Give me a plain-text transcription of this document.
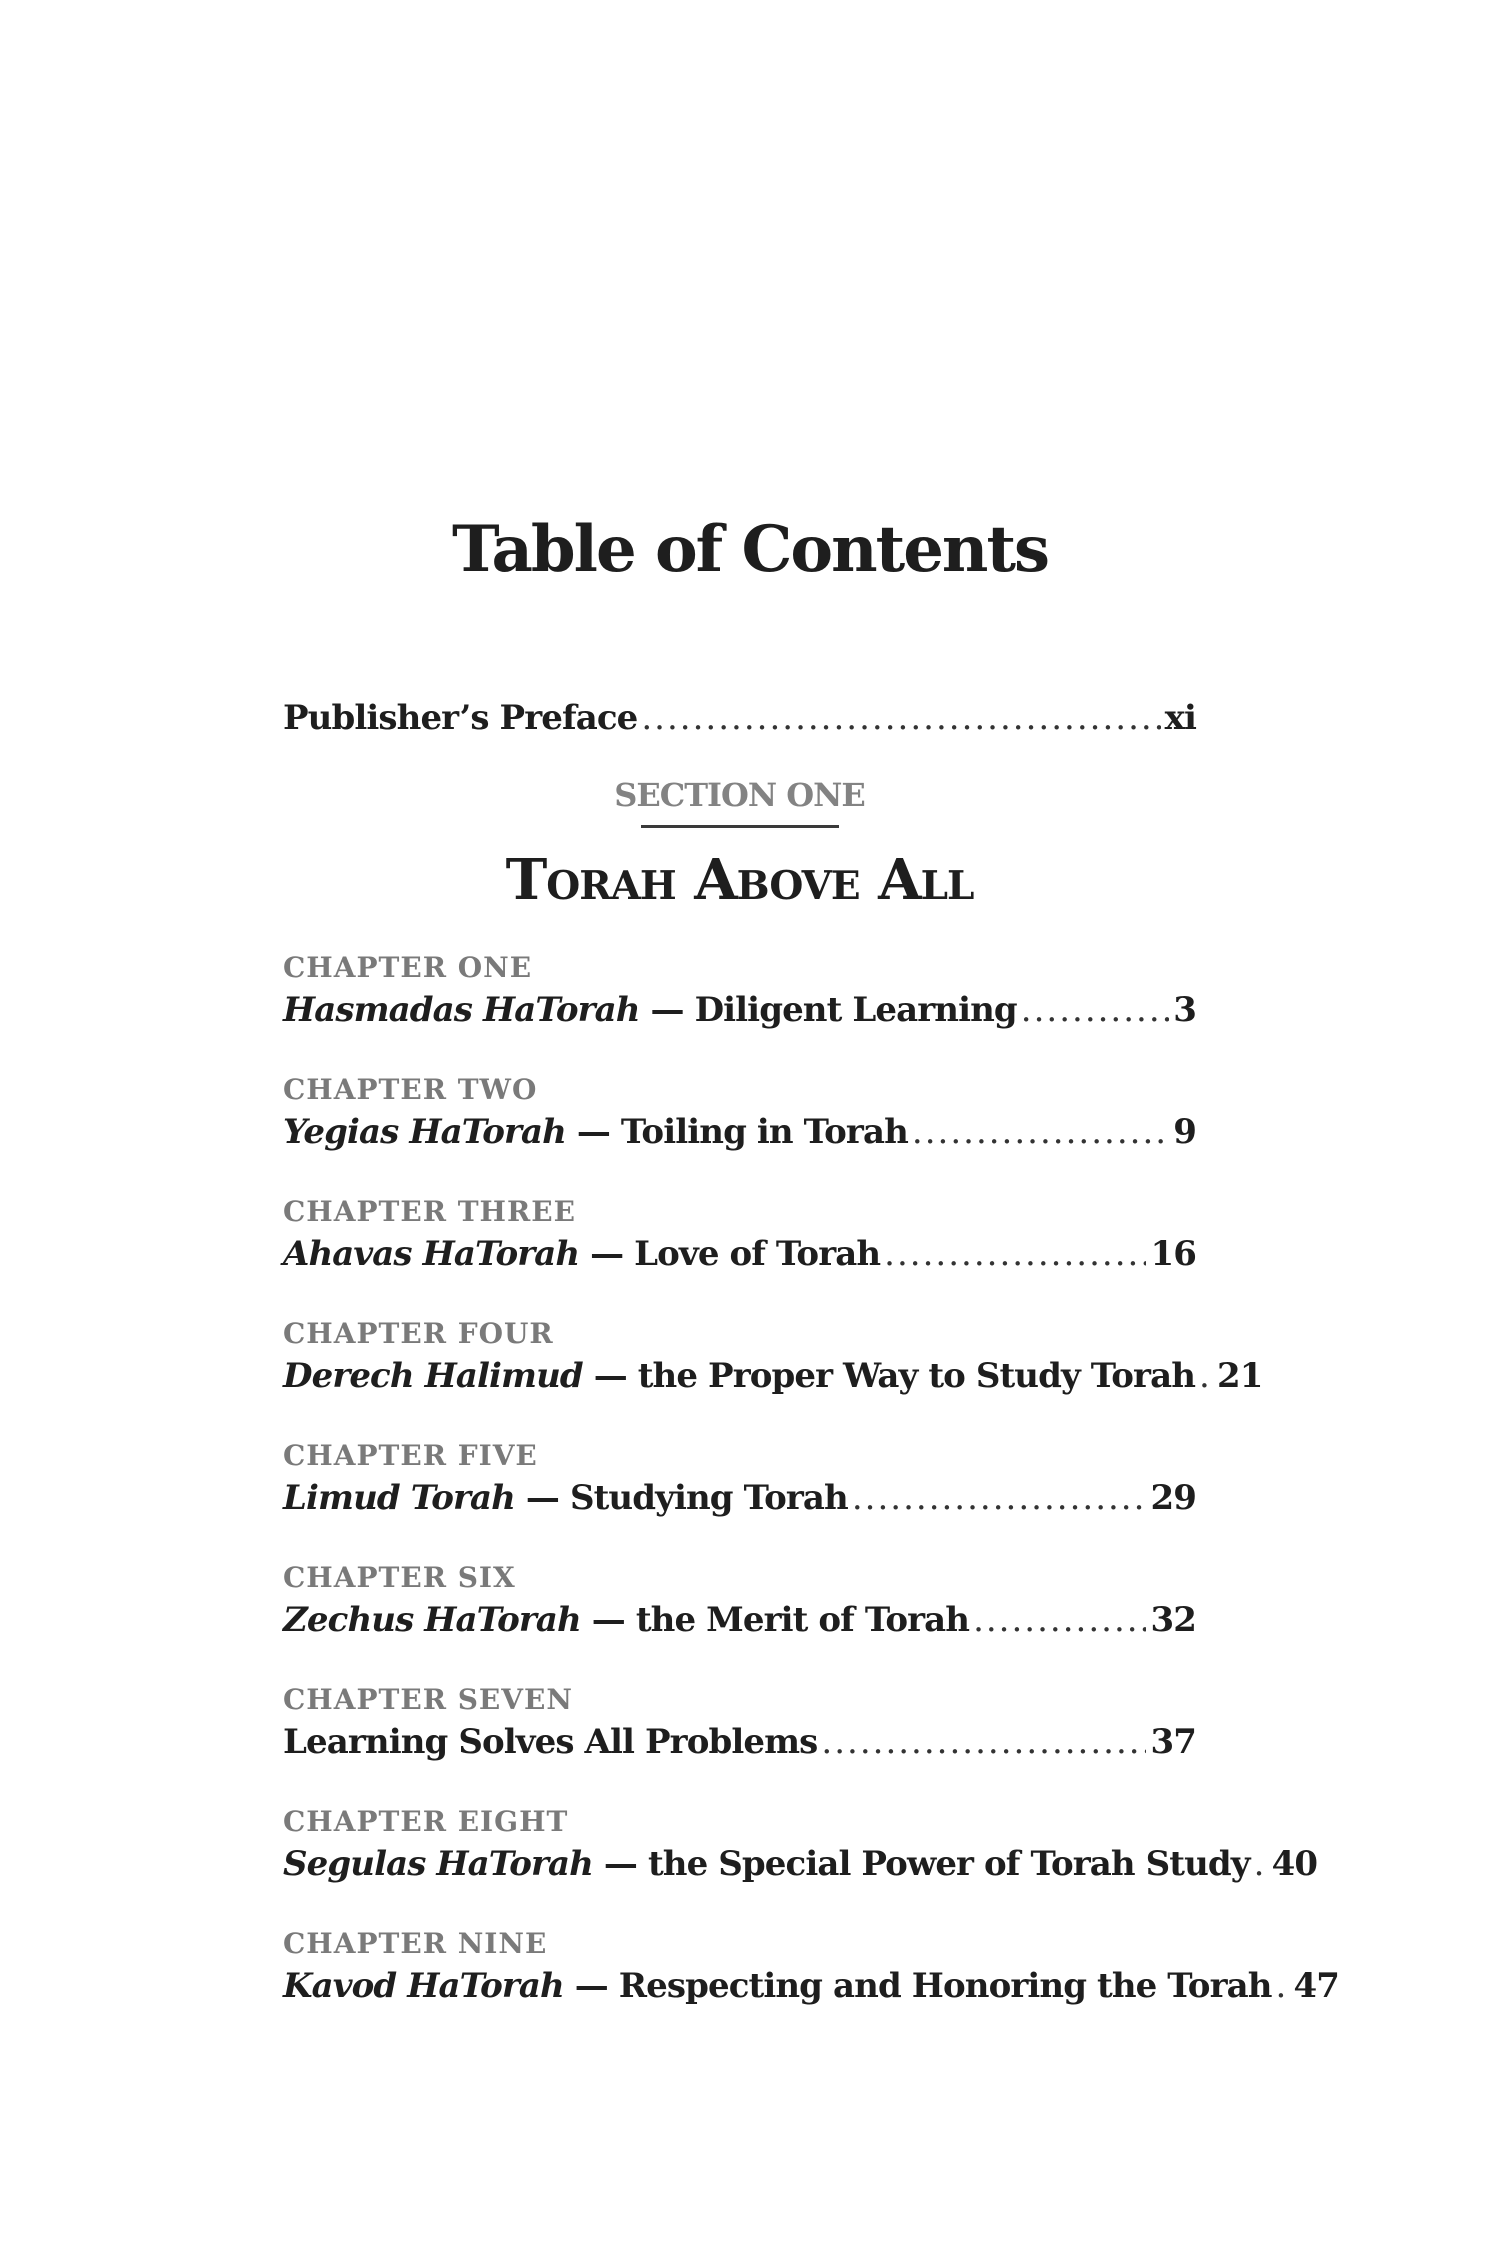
Table of Contents
Publisher’s Preface .....	xi
SECTION ONE
Torah Above All
CHAPTER ONE
Hasmadas HaTorah — Diligent Learning .....	3
CHAPTER TWO
Yegias HaTorah — Toiling in Torah .....	9
CHAPTER THREE
Ahavas HaTorah — Love of Torah .....	16
CHAPTER FOUR
Derech Halimud — the Proper Way to Study Torah ..... 21
CHAPTER FIVE
Limud Torah — Studying Torah .....	29
CHAPTER SIX
Zechus HaTorah — the Merit of Torah .....	32
CHAPTER SEVEN
Learning Solves All Problems .....	37
CHAPTER EIGHT
Segulas HaTorah — the Special Power of Torah Study ..... 40
CHAPTER NINE
Kavod HaTorah — Respecting and Honoring the Torah ..... 47
